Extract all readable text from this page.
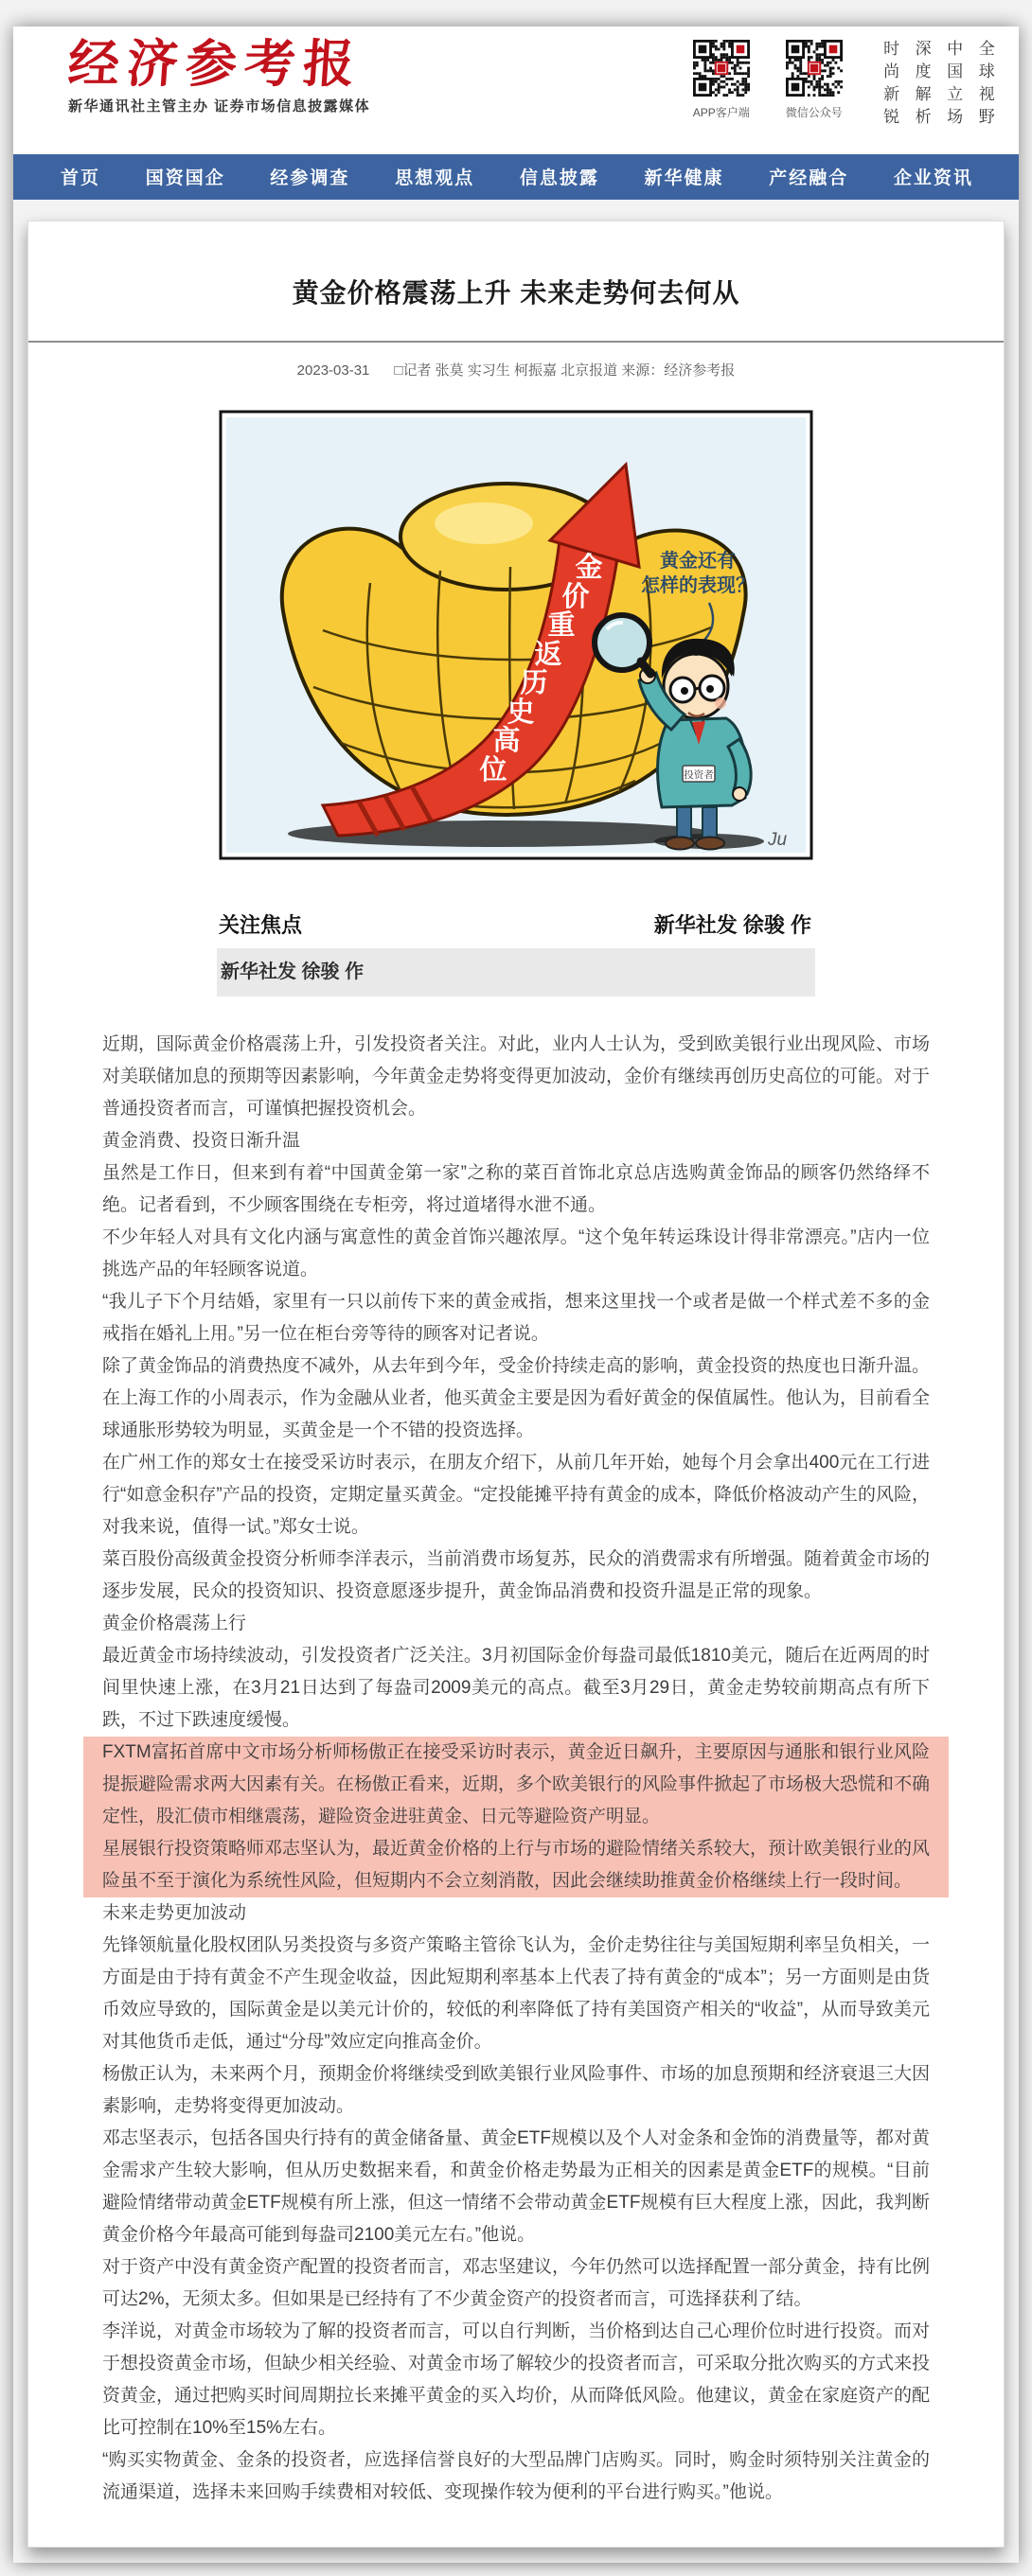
经济参考报
新华通讯社主管主办 证券市场信息披露媒体	APP客户端	微信公众号
时尚新锐
深度解析
中国立场
全球视野
首页	国资国企	经参调查	思想观点	信息披露	新华健康	产经融合	企业资讯
黄金价格震荡上升 未来走势何去何从
2023-03-31 □记者 张莫 实习生 柯振嘉 北京报道 来源：经济参考报
金
价
重
返
历
史
高
位
黄金还有
怎样的表现？
投资者
Ju
关注焦点	新华社发 徐骏 作
新华社发 徐骏 作
近期，国际黄金价格震荡上升，引发投资者关注。对此，业内人士认为，受到欧美银行业出现风险、市场对美联储加息的预期等因素影响，今年黄金走势将变得更加波动，金价有继续再创历史高位的可能。对于普通投资者而言，可谨慎把握投资机会。
黄金消费、投资日渐升温
虽然是工作日，但来到有着“中国黄金第一家”之称的菜百首饰北京总店选购黄金饰品的顾客仍然络绎不绝。记者看到，不少顾客围绕在专柜旁，将过道堵得水泄不通。
不少年轻人对具有文化内涵与寓意性的黄金首饰兴趣浓厚。“这个兔年转运珠设计得非常漂亮。”店内一位挑选产品的年轻顾客说道。
“我儿子下个月结婚，家里有一只以前传下来的黄金戒指，想来这里找一个或者是做一个样式差不多的金戒指在婚礼上用。”另一位在柜台旁等待的顾客对记者说。
除了黄金饰品的消费热度不减外，从去年到今年，受金价持续走高的影响，黄金投资的热度也日渐升温。
在上海工作的小周表示，作为金融从业者，他买黄金主要是因为看好黄金的保值属性。他认为，目前看全球通胀形势较为明显，买黄金是一个不错的投资选择。
在广州工作的郑女士在接受采访时表示，在朋友介绍下，从前几年开始，她每个月会拿出400元在工行进行“如意金积存”产品的投资，定期定量买黄金。“定投能摊平持有黄金的成本，降低价格波动产生的风险，对我来说，值得一试。”郑女士说。
菜百股份高级黄金投资分析师李洋表示，当前消费市场复苏，民众的消费需求有所增强。随着黄金市场的逐步发展，民众的投资知识、投资意愿逐步提升，黄金饰品消费和投资升温是正常的现象。
黄金价格震荡上行
最近黄金市场持续波动，引发投资者广泛关注。3月初国际金价每盎司最低1810美元，随后在近两周的时间里快速上涨，在3月21日达到了每盎司2009美元的高点。截至3月29日，黄金走势较前期高点有所下跌，不过下跌速度缓慢。
FXTM富拓首席中文市场分析师杨傲正在接受采访时表示，黄金近日飙升，主要原因与通胀和银行业风险提振避险需求两大因素有关。在杨傲正看来，近期，多个欧美银行的风险事件掀起了市场极大恐慌和不确定性，股汇债市相继震荡，避险资金进驻黄金、日元等避险资产明显。
星展银行投资策略师邓志坚认为，最近黄金价格的上行与市场的避险情绪关系较大，预计欧美银行业的风险虽不至于演化为系统性风险，但短期内不会立刻消散，因此会继续助推黄金价格继续上行一段时间。
未来走势更加波动
先锋领航量化股权团队另类投资与多资产策略主管徐飞认为，金价走势往往与美国短期利率呈负相关，一方面是由于持有黄金不产生现金收益，因此短期利率基本上代表了持有黄金的“成本”；另一方面则是由货币效应导致的，国际黄金是以美元计价的，较低的利率降低了持有美国资产相关的“收益”，从而导致美元对其他货币走低，通过“分母”效应定向推高金价。
杨傲正认为，未来两个月，预期金价将继续受到欧美银行业风险事件、市场的加息预期和经济衰退三大因素影响，走势将变得更加波动。
邓志坚表示，包括各国央行持有的黄金储备量、黄金ETF规模以及个人对金条和金饰的消费量等，都对黄金需求产生较大影响，但从历史数据来看，和黄金价格走势最为正相关的因素是黄金ETF的规模。“目前避险情绪带动黄金ETF规模有所上涨，但这一情绪不会带动黄金ETF规模有巨大程度上涨，因此，我判断黄金价格今年最高可能到每盎司2100美元左右。”他说。
对于资产中没有黄金资产配置的投资者而言，邓志坚建议，今年仍然可以选择配置一部分黄金，持有比例可达2%，无须太多。但如果是已经持有了不少黄金资产的投资者而言，可选择获利了结。
李洋说，对黄金市场较为了解的投资者而言，可以自行判断，当价格到达自己心理价位时进行投资。而对于想投资黄金市场，但缺少相关经验、对黄金市场了解较少的投资者而言，可采取分批次购买的方式来投资黄金，通过把购买时间周期拉长来摊平黄金的买入均价，从而降低风险。他建议，黄金在家庭资产的配比可控制在10%至15%左右。
“购买实物黄金、金条的投资者，应选择信誉良好的大型品牌门店购买。同时，购金时须特别关注黄金的流通渠道，选择未来回购手续费相对较低、变现操作较为便利的平台进行购买。”他说。
